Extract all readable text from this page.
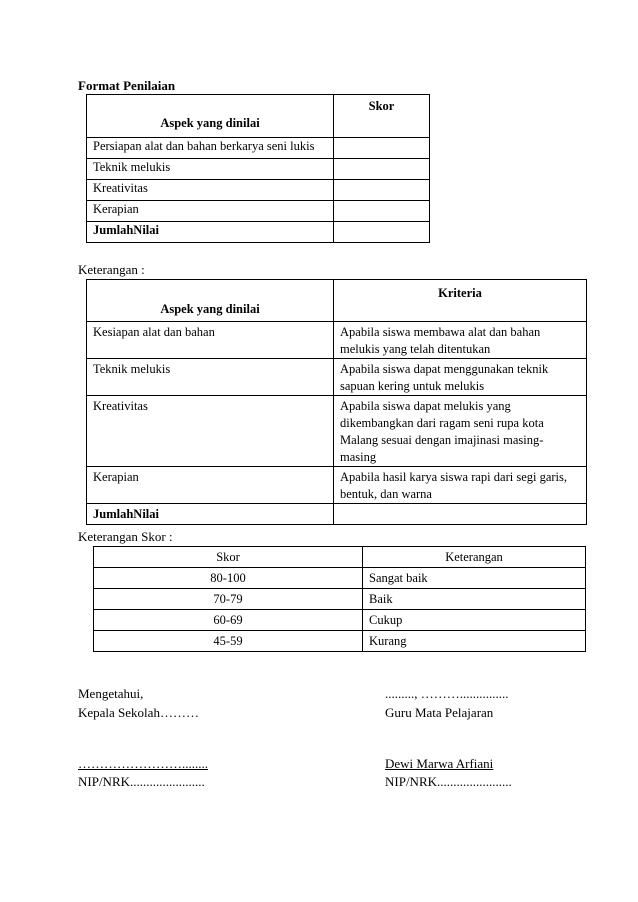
Format Penilaian
Aspek yang dinilai	Skor
Persiapan alat dan bahan berkarya seni lukis	
Teknik melukis	
Kreativitas	
Kerapian	
JumlahNilai	
Keterangan :
Aspek yang dinilai	Kriteria
Kesiapan alat dan bahan	Apabila siswa membawa alat dan bahan
melukis yang telah ditentukan

Teknik melukis	Apabila siswa dapat menggunakan teknik
sapuan kering untuk melukis

Kreativitas	Apabila siswa dapat melukis yang
dikembangkan dari ragam seni rupa kota
Malang sesuai dengan imajinasi masing-
masing

Kerapian	Apabila hasil karya siswa rapi dari segi garis,
bentuk, dan warna

JumlahNilai	
Keterangan Skor :
Skor	Keterangan
80-100	Sangat baik
70-79	Baik
60-69	Cukup
45-59	Kurang
Mengetahui,
Kepala Sekolah………
……………………........
NIP/NRK.......................
........., ………...............
Guru Mata Pelajaran
Dewi Marwa Arfiani
NIP/NRK.......................
